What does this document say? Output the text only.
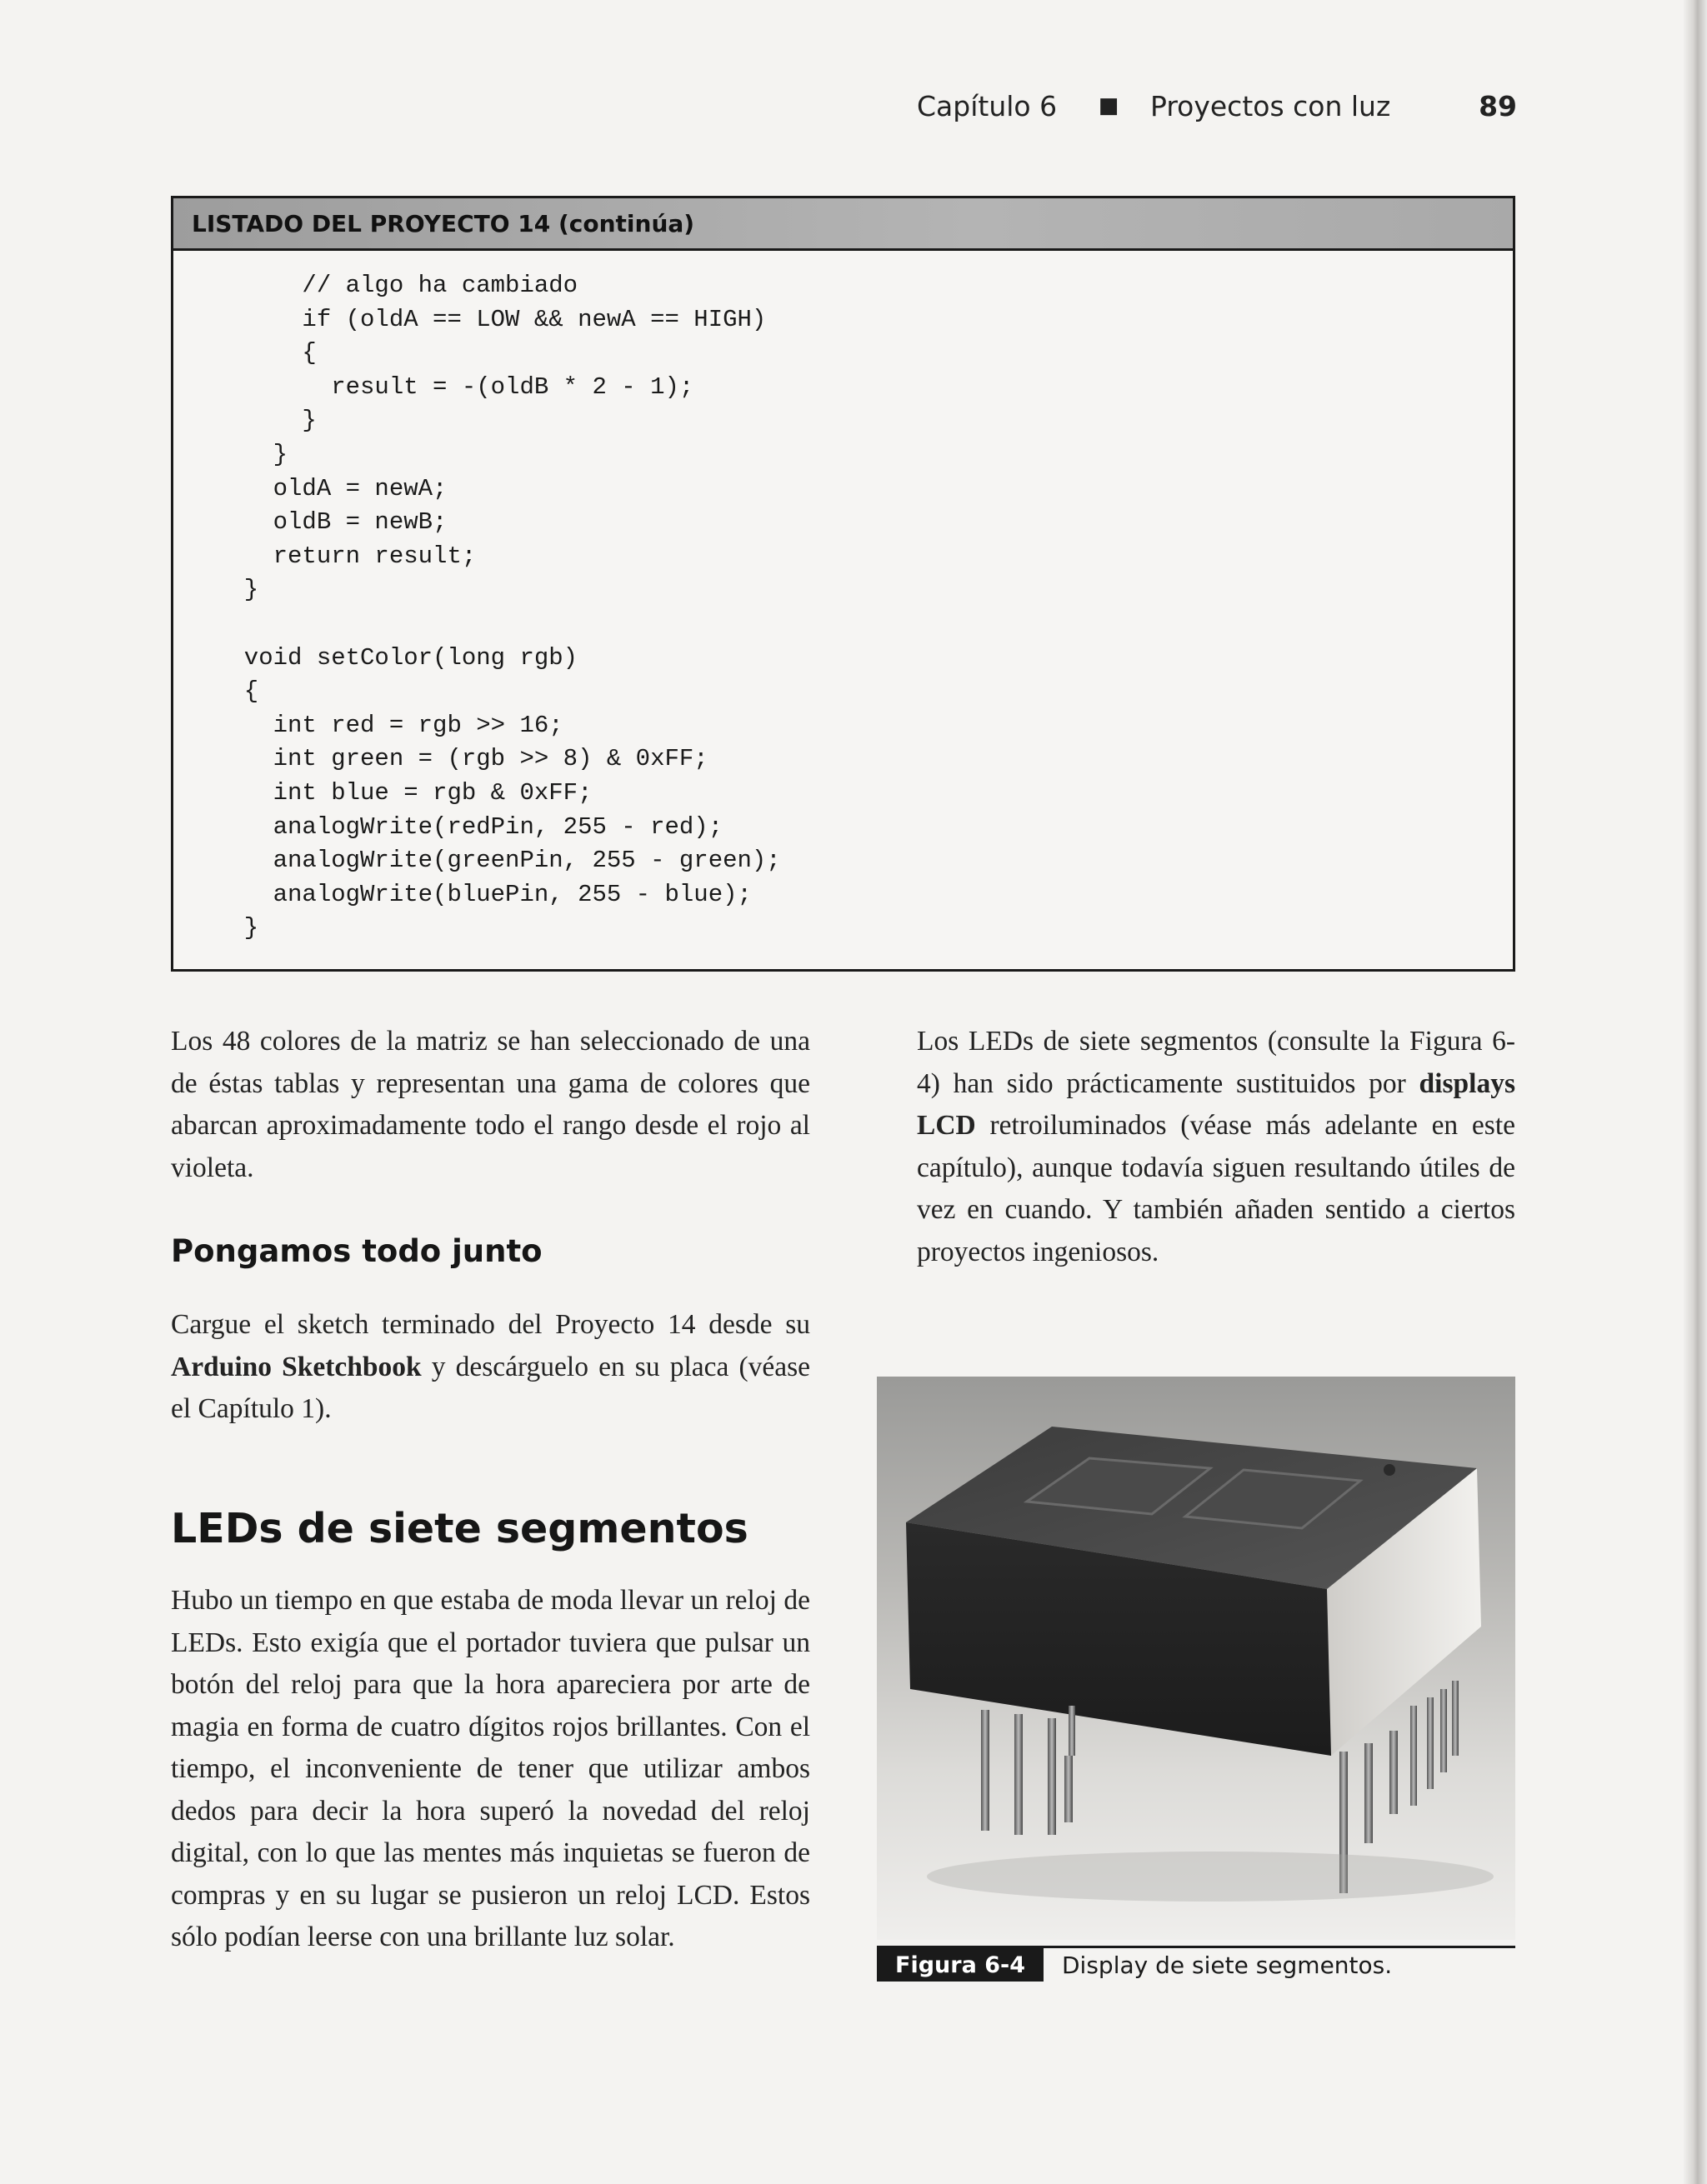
Capítulo 6	■	Proyectos con luz	89
LISTADO DEL PROYECTO 14 (continúa)
// algo ha cambiado
if (oldA == LOW && newA == HIGH)
{
result = -(oldB * 2 - 1);
}
}
oldA = newA;
oldB = newB;
return result;
}

void setColor(long rgb)
{
int red = rgb >> 16;
int green = (rgb >> 8) & 0xFF;
int blue = rgb & 0xFF;
analogWrite(redPin, 255 - red);
analogWrite(greenPin, 255 - green);
analogWrite(bluePin, 255 - blue);
}

Los 48 colores de la matriz se han seleccionado de una de éstas tablas y representan una gama de colores que abarcan aproximadamente todo el rango desde el rojo al violeta.

Pongamos todo junto

Cargue el sketch terminado del Proyecto 14 desde su Arduino Sketchbook y descárguelo en su placa (véase el Capítulo 1).

LEDs de siete segmentos

Hubo un tiempo en que estaba de moda llevar un reloj de LEDs. Esto exigía que el portador tuviera que pulsar un botón del reloj para que la hora apareciera por arte de magia en forma de cuatro dígitos rojos brillantes. Con el tiempo, el inconveniente de tener que utilizar ambos dedos para decir la hora superó la novedad del reloj digital, con lo que las mentes más inquietas se fueron de compras y en su lugar se pusieron un reloj LCD. Estos sólo podían leerse con una brillante luz solar.

Los LEDs de siete segmentos (consulte la Figura 6-4) han sido prácticamente sustituidos por displays LCD retroiluminados (véase más adelante en este capítulo), aunque todavía siguen resultando útiles de vez en cuando. Y también añaden sentido a ciertos proyectos ingeniosos.

Figura 6-4	Display de siete segmentos.
